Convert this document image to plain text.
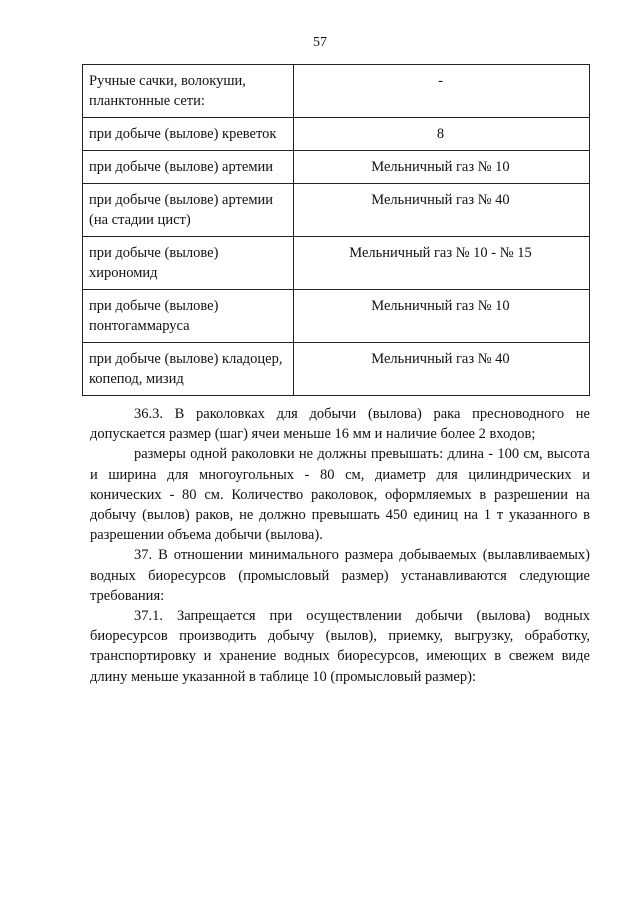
57
Ручные сачки, волокуши, планктонные сети:	-
при добыче (вылове) креветок	8
при добыче (вылове) артемии	Мельничный газ № 10
при добыче (вылове) артемии (на стадии цист)	Мельничный газ № 40
при добыче (вылове) хирономид	Мельничный газ № 10 - № 15
при добыче (вылове) понтогаммаруса	Мельничный газ № 10
при добыче (вылове) кладоцер, копепод, мизид	Мельничный газ № 40

36.3. В раколовках для добычи (вылова) рака пресноводного не допускается размер (шаг) ячеи меньше 16 мм и наличие более 2 входов;

размеры одной раколовки не должны превышать: длина - 100 см, высота и ширина для многоугольных - 80 см, диаметр для цилиндрических и конических - 80 см. Количество раколовок, оформляемых в разрешении на добычу (вылов) раков, не должно превышать 450 единиц на 1 т указанного в разрешении объема добычи (вылова).

37. В отношении минимального размера добываемых (вылавливаемых) водных биоресурсов (промысловый размер) устанавливаются следующие требования:

37.1. Запрещается при осуществлении добычи (вылова) водных биоресурсов производить добычу (вылов), приемку, выгрузку, обработку, транспортировку и хранение водных биоресурсов, имеющих в свежем виде длину меньше указанной в таблице 10 (промысловый размер):
